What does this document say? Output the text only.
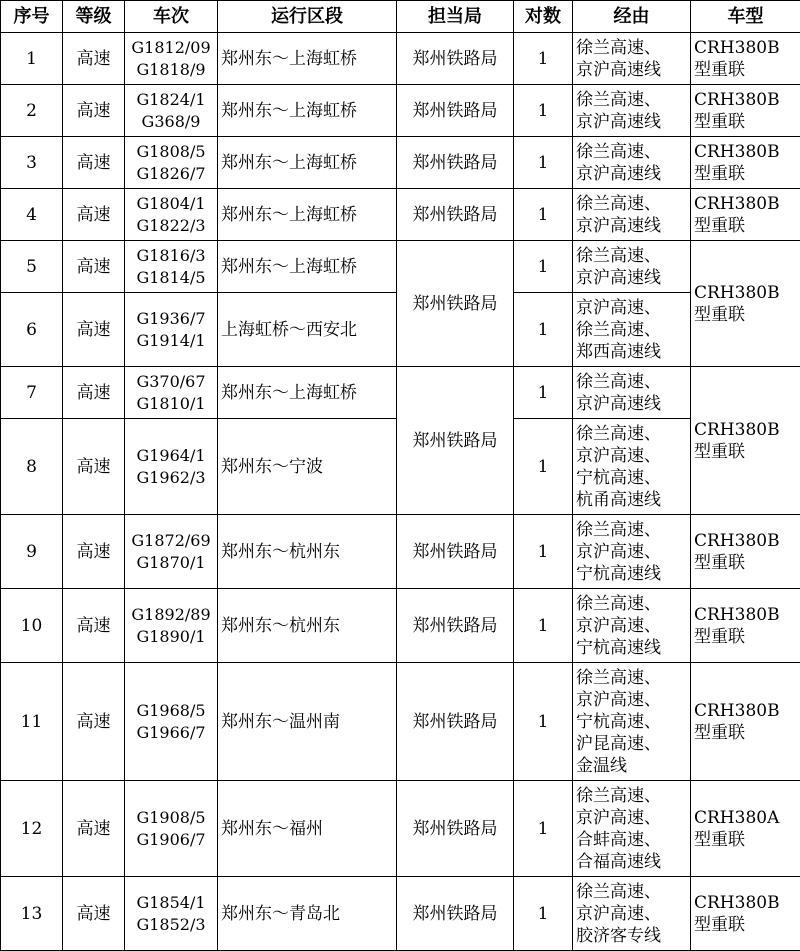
序号	等级	车次	运行区段	担当局	对数	经由	车型
1	高速	G1812/09
G1818/9	郑州东～上海虹桥	郑州铁路局	1	徐兰高速、
京沪高速线	CRH380B
型重联

2	高速	G1824/1
G368/9	郑州东～上海虹桥	郑州铁路局	1	徐兰高速、
京沪高速线	CRH380B
型重联

3	高速	G1808/5
G1826/7	郑州东～上海虹桥	郑州铁路局	1	徐兰高速、
京沪高速线	CRH380B
型重联

4	高速	G1804/1
G1822/3	郑州东～上海虹桥	郑州铁路局	1	徐兰高速、
京沪高速线	CRH380B
型重联

5	高速	G1816/3
G1814/5	郑州东～上海虹桥	郑州铁路局	1	徐兰高速、
京沪高速线	CRH380B
型重联

6	高速	G1936/7
G1914/1	上海虹桥～西安北		1	京沪高速、
徐兰高速、
郑西高速线	

7	高速	G370/67
G1810/1	郑州东～上海虹桥	郑州铁路局	1	徐兰高速、
京沪高速线	CRH380B
型重联

8	高速	G1964/1
G1962/3	郑州东～宁波		1	徐兰高速、
京沪高速、
宁杭高速、
杭甬高速线	

9	高速	G1872/69
G1870/1	郑州东～杭州东	郑州铁路局	1	徐兰高速、
京沪高速、
宁杭高速线	CRH380B
型重联

10	高速	G1892/89
G1890/1	郑州东～杭州东	郑州铁路局	1	徐兰高速、
京沪高速、
宁杭高速线	CRH380B
型重联

11	高速	G1968/5
G1966/7	郑州东～温州南	郑州铁路局	1	徐兰高速、
京沪高速、
宁杭高速、
沪昆高速、
金温线	CRH380B
型重联

12	高速	G1908/5
G1906/7	郑州东～福州	郑州铁路局	1	徐兰高速、
京沪高速、
合蚌高速、
合福高速线	CRH380A
型重联

13	高速	G1854/1
G1852/3	郑州东～青岛北	郑州铁路局	1	徐兰高速、
京沪高速、
胶济客专线	CRH380B
型重联
